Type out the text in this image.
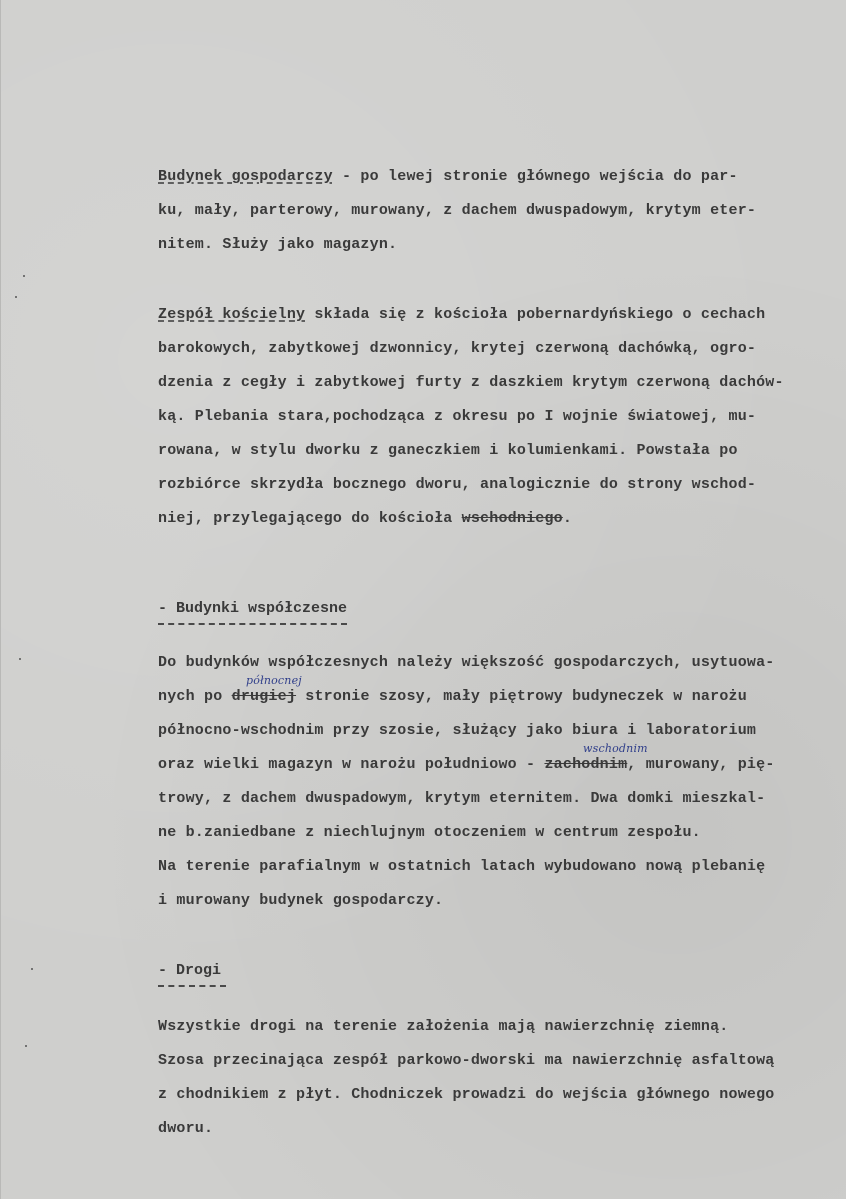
Budynek gospodarczy - po lewej stronie głównego wejścia do par-
ku, mały, parterowy, murowany, z dachem dwuspadowym, krytym eter-
nitem. Służy jako magazyn.
Zespół kościelny składa się z kościoła pobernardyńskiego o cechach
barokowych, zabytkowej dzwonnicy, krytej czerwoną dachówką, ogro-
dzenia z cegły i zabytkowej furty z daszkiem krytym czerwoną dachów-
ką. Plebania stara,pochodząca z okresu po I wojnie światowej, mu-
rowana, w stylu dworku z ganeczkiem i kolumienkami. Powstała po
rozbiórce skrzydła bocznego dworu, analogicznie do strony wschod-
niej, przylegającego do kościoła wschodniego.
- Budynki współczesne
Do budynków współczesnych należy większość gospodarczych, usytuowa-
nych po drugiej
północnej
stronie szosy, mały piętrowy budyneczek w narożu
północno-wschodnim przy szosie, służący jako biura i laboratorium
oraz wielki magazyn w narożu południowo - zachodnim
wschodnim
, murowany, pię-
trowy, z dachem dwuspadowym, krytym eternitem. Dwa domki mieszkal-
ne b.zaniedbane z niechlujnym otoczeniem w centrum zespołu.
Na terenie parafialnym w ostatnich latach wybudowano nową plebanię
i murowany budynek gospodarczy.
- Drogi
Wszystkie drogi na terenie założenia mają nawierzchnię ziemną.
Szosa przecinająca zespół parkowo-dworski ma nawierzchnię asfaltową
z chodnikiem z płyt. Chodniczek prowadzi do wejścia głównego nowego
dworu.
